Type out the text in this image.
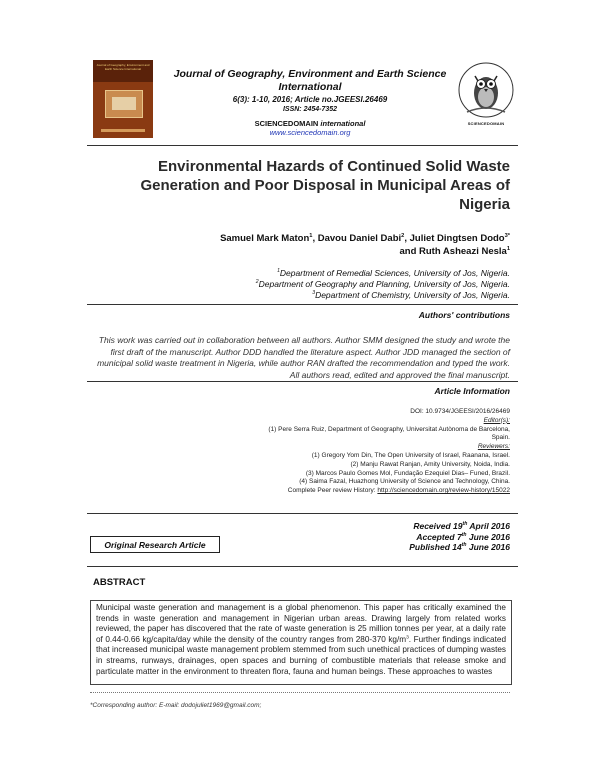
Journal of Geography, Environment and Earth Science International	Journal of Geography, Environment and Earth Science International
6(3): 1-10, 2016; Article no.JGEESI.26469
ISSN: 2454-7352
SCIENCEDOMAIN international
www.sciencedomain.org
SCIENCEDOMAIN
Environmental Hazards of Continued Solid Waste Generation and Poor Disposal in Municipal Areas of Nigeria
Samuel Mark Maton$^1$, Davou Daniel Dabi$^2$, Juliet Dingtsen Dodo$^{3*}$
and Ruth Asheazi Nesla$^1$
$^1$Department of Remedial Sciences, University of Jos, Nigeria.
$^2$Department of Geography and Planning, University of Jos, Nigeria.
$^3$Department of Chemistry, University of Jos, Nigeria.
Authors' contributions
This work was carried out in collaboration between all authors. Author SMM designed the study and wrote the first draft of the manuscript. Author DDD handled the literature aspect. Author JDD managed the section of municipal solid waste treatment in Nigeria, while author RAN drafted the recommendation and typed the work. All authors read, edited and approved the final manuscript.
Article Information
DOI: 10.9734/JGEESI/2016/26469
Editor(s):
(1) Pere Serra Ruiz, Department of Geography, Universitat Autònoma de Barcelona,
Spain.
Reviewers:
(1) Gregory Yom Din, The Open University of Israel, Raanana, Israel.
(2) Manju Rawat Ranjan, Amity University, Noida, India.
(3) Marcos Paulo Gomes Mol, Fundação Ezequiel Dias– Funed, Brazil.
(4) Saima Fazal, Huazhong University of Science and Technology, China.
Complete Peer review History: http://sciencedomain.org/review-history/15022
Received 19th April 2016
Accepted 7th June 2016
Published 14th June 2016
Original Research Article
ABSTRACT
Municipal waste generation and management is a global phenomenon. This paper has critically examined the trends in waste generation and management in Nigerian urban areas. Drawing largely from related works reviewed, the paper has discovered that the rate of waste generation is 25 million tonnes per year, at a daily rate of 0.44-0.66 kg/capita/day while the density of the country ranges from 280-370 $kg/m^3$. Further findings indicated that increased municipal waste management problem stemmed from such unethical practices of dumping wastes in streams, runways, drainages, open spaces and burning of combustible materials that release smoke and particulate matter in the environment to threaten flora, fauna and human beings. These approaches to wastes
*Corresponding author: E-mail: dodojuliet1969@gmail.com;
